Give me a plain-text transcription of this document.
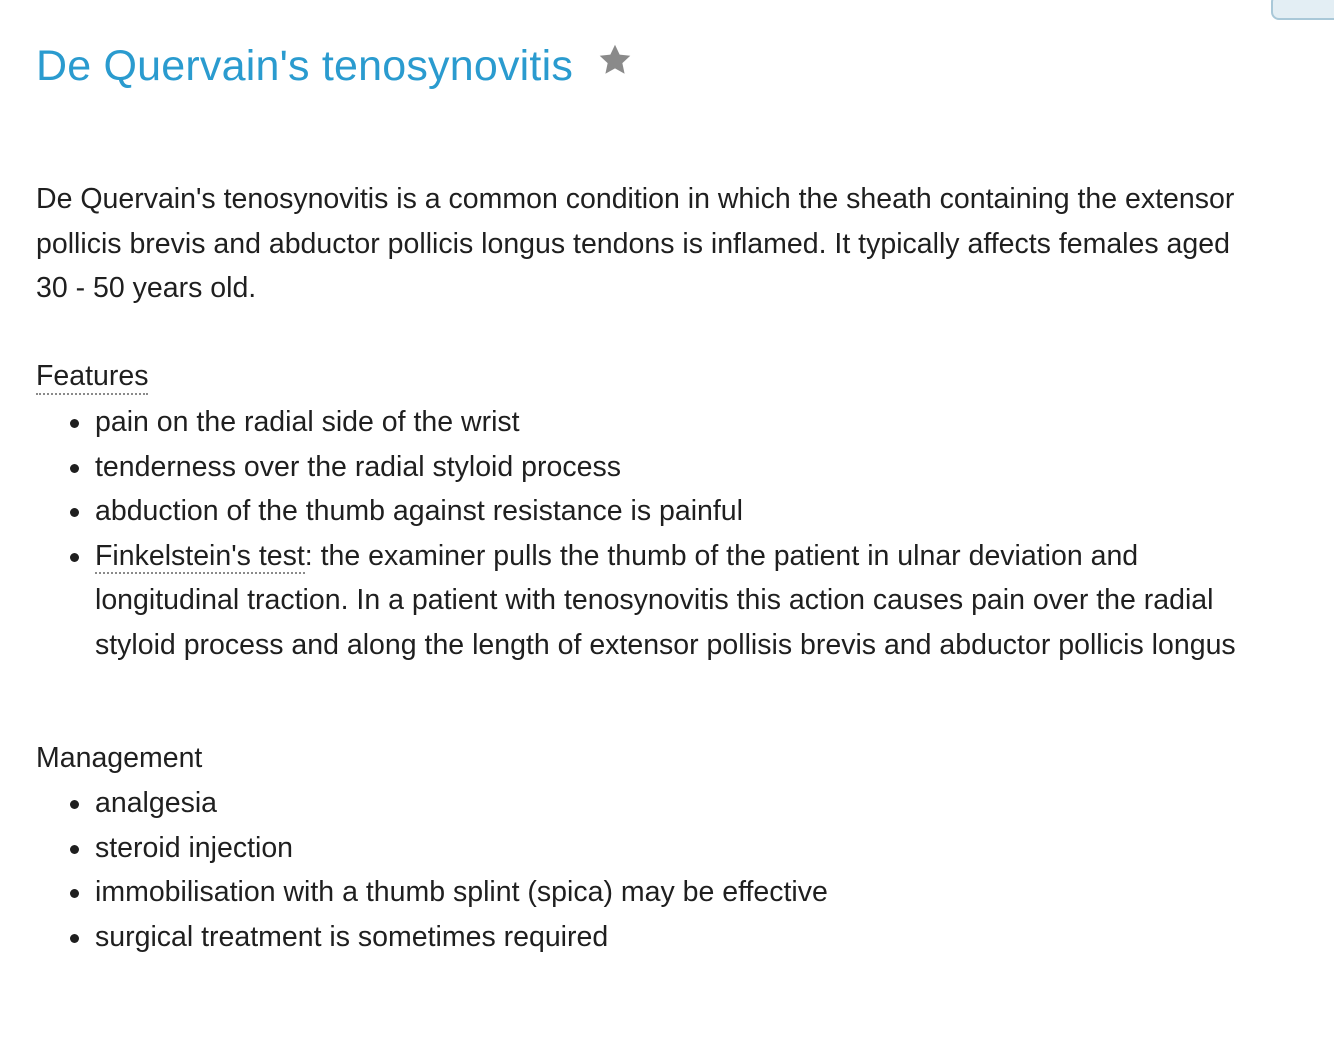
De Quervain's tenosynovitis

De Quervain's tenosynovitis is a common condition in which the sheath containing the extensor pollicis brevis and abductor pollicis longus tendons is inflamed. It typically affects females aged 30 - 50 years old.

Features
pain on the radial side of the wrist
tenderness over the radial styloid process
abduction of the thumb against resistance is painful
Finkelstein's test: the examiner pulls the thumb of the patient in ulnar deviation and longitudinal traction. In a patient with tenosynovitis this action causes pain over the radial styloid process and along the length of extensor pollisis brevis and abductor pollicis longus
Management
analgesia
steroid injection
immobilisation with a thumb splint (spica) may be effective
surgical treatment is sometimes required
